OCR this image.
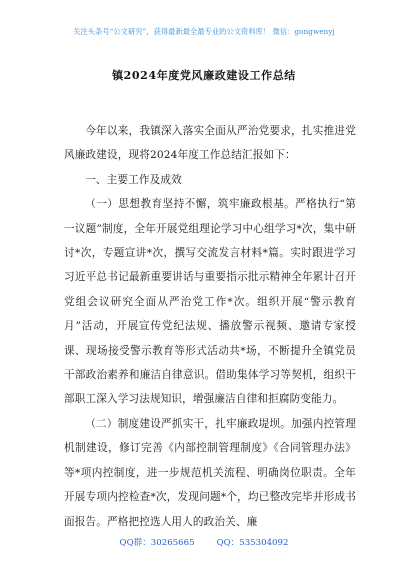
关注头条号“公文研究”，获得最新最全最专业的公文资料库！ 微信：gongwenyj
镇2024年度党风廉政建设工作总结

今年以来，我镇深入落实全面从严治党要求，扎实推进党风廉政建设，现将2024年度工作总结汇报如下：

一、主要工作及成效

（一）思想教育坚持不懈，筑牢廉政根基。严格执行“第一议题”制度，全年开展党组理论学习中心组学习*次，集中研讨*次，专题宣讲*次，撰写交流发言材料*篇。实时跟进学习习近平总书记最新重要讲话与重要指示批示精神全年累计召开党组会议研究全面从严治党工作*次。组织开展“警示教育月”活动，开展宣传党纪法规、播放警示视频、邀请专家授课、现场接受警示教育等形式活动共*场，不断提升全镇党员干部政治素养和廉洁自律意识。借助集体学习等契机，组织干部职工深入学习法规知识，增强廉洁自律和拒腐防变能力。

（二）制度建设严抓实干，扎牢廉政堤坝。加强内控管理机制建设，修订完善《内部控制管理制度》《合同管理办法》等*项内控制度，进一步规范机关流程、明确岗位职责。全年开展专项内控检查*次，发现问题*个，均已整改完毕并形成书面报告。严格把控选人用人的政治关、廉

QQ群：30265665	QQ：535304092
